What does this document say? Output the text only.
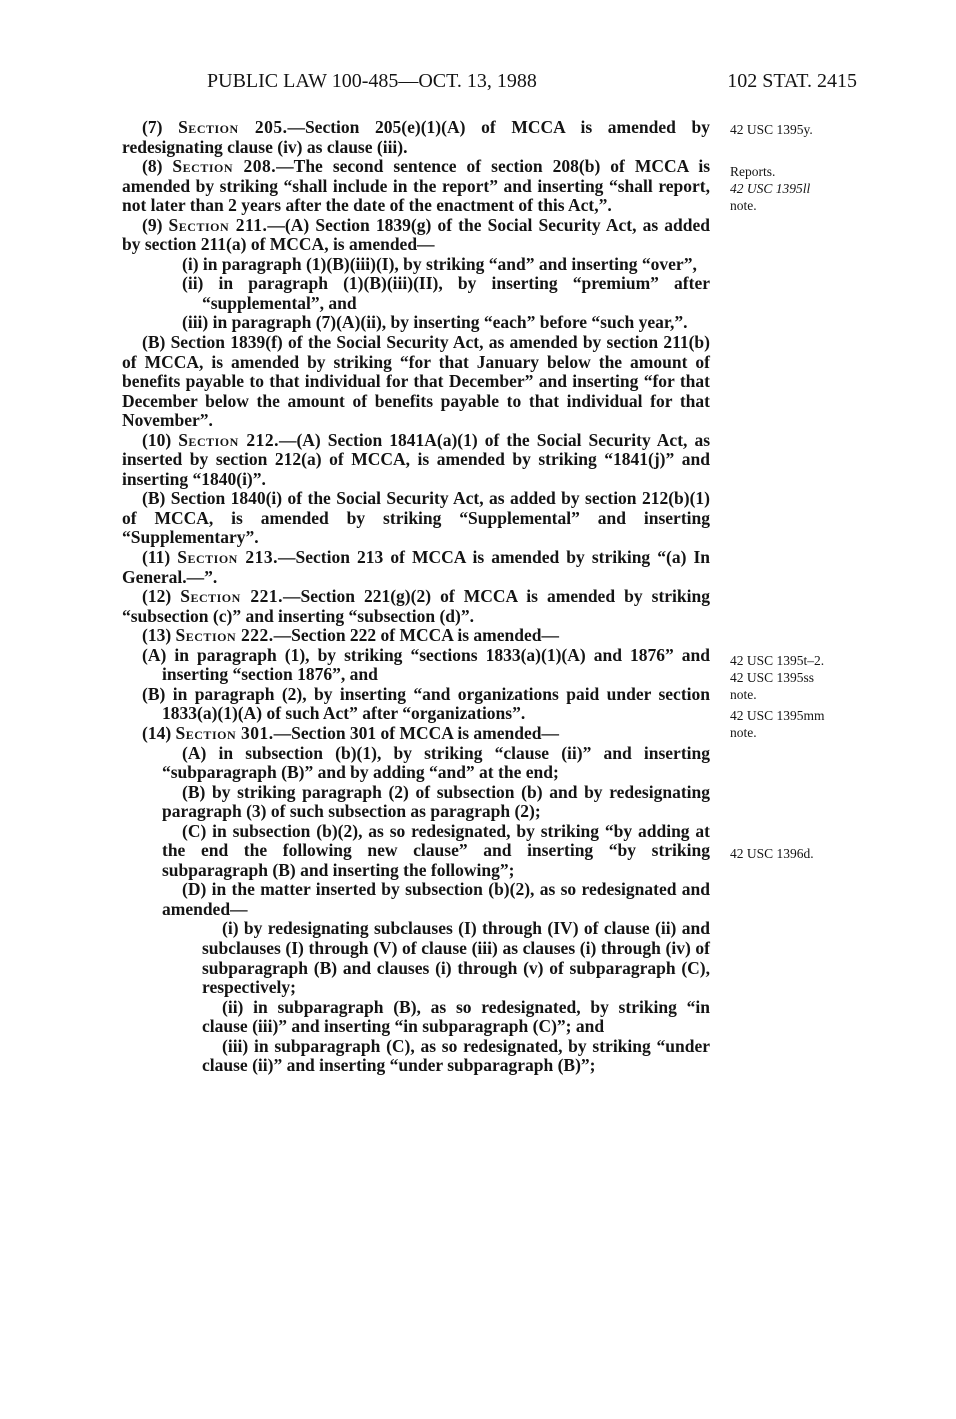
PUBLIC LAW 100-485—OCT. 13, 1988	102 STAT. 2415

(7) Section 205.—Section 205(e)(1)(A) of MCCA is amended by redesignating clause (iv) as clause (iii).

(8) Section 208.—The second sentence of section 208(b) of MCCA is amended by striking “shall include in the report” and inserting “shall report, not later than 2 years after the date of the enactment of this Act,”.

(9) Section 211.—(A) Section 1839(g) of the Social Security Act, as added by section 211(a) of MCCA, is amended—

(i) in paragraph (1)(B)(iii)(I), by striking “and” and inserting “over”,

(ii) in paragraph (1)(B)(iii)(II), by inserting “premium” after “supplemental”, and

(iii) in paragraph (7)(A)(ii), by inserting “each” before “such year,”.

(B) Section 1839(f) of the Social Security Act, as amended by section 211(b) of MCCA, is amended by striking “for that January below the amount of benefits payable to that individual for that December” and inserting “for that December below the amount of benefits payable to that individual for that November”.

(10) Section 212.—(A) Section 1841A(a)(1) of the Social Security Act, as inserted by section 212(a) of MCCA, is amended by striking “1841(j)” and inserting “1840(i)”.

(B) Section 1840(i) of the Social Security Act, as added by section 212(b)(1) of MCCA, is amended by striking “Supplemental” and inserting “Supplementary”.

(11) Section 213.—Section 213 of MCCA is amended by striking “(a) In General.—”.

(12) Section 221.—Section 221(g)(2) of MCCA is amended by striking “subsection (c)” and inserting “subsection (d)”.

(13) Section 222.—Section 222 of MCCA is amended—

(A) in paragraph (1), by striking “sections 1833(a)(1)(A) and 1876” and inserting “section 1876”, and

(B) in paragraph (2), by inserting “and organizations paid under section 1833(a)(1)(A) of such Act” after “organizations”.

(14) Section 301.—Section 301 of MCCA is amended—

(A) in subsection (b)(1), by striking “clause (ii)” and inserting “subparagraph (B)” and by adding “and” at the end;

(B) by striking paragraph (2) of subsection (b) and by redesignating paragraph (3) of such subsection as paragraph (2);

(C) in subsection (b)(2), as so redesignated, by striking “by adding at the end the following new clause” and inserting “by striking subparagraph (B) and inserting the following”;

(D) in the matter inserted by subsection (b)(2), as so redesignated and amended—

(i) by redesignating subclauses (I) through (IV) of clause (ii) and subclauses (I) through (V) of clause (iii) as clauses (i) through (iv) of subparagraph (B) and clauses (i) through (v) of subparagraph (C), respectively;

(ii) in subparagraph (B), as so redesignated, by striking “in clause (iii)” and inserting “in subparagraph (C)”; and

(iii) in subparagraph (C), as so redesignated, by striking “under clause (ii)” and inserting “under subparagraph (B)”;

42 USC 1395y.
Reports.
42 USC 1395ll
note.
42 USC 1395t–2.
42 USC 1395ss
note.
42 USC 1395mm
note.
42 USC 1396d.
